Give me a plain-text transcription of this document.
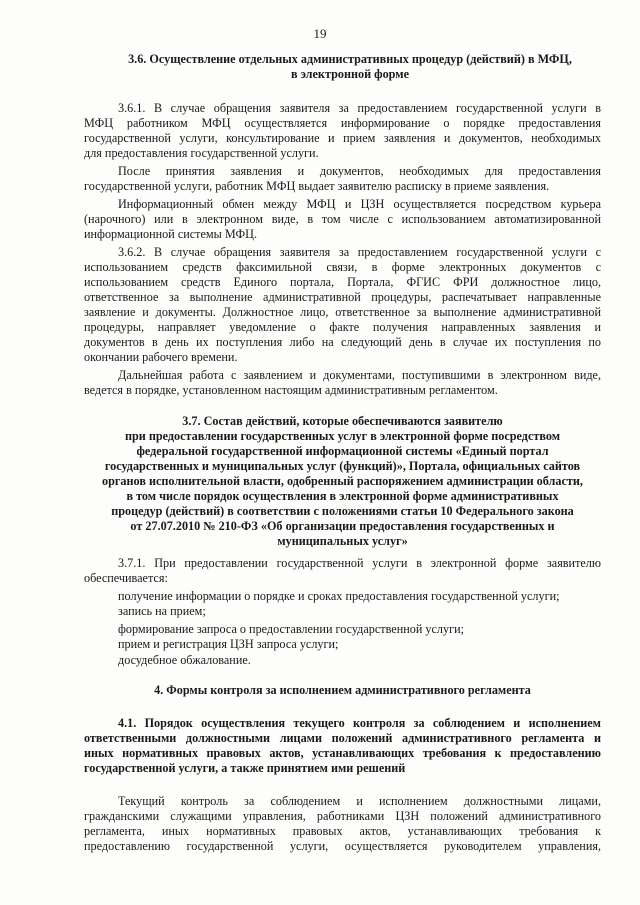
19
3.6. Осуществление отдельных административных процедур (действий) в МФЦ,
в электронной форме
3.6.1. В случае обращения заявителя за предоставлением государственной услуги в
МФЦ работником МФЦ осуществляется информирование о порядке предоставления
государственной услуги, консультирование и прием заявления и документов, необходимых
для предоставления государственной услуги.
После принятия заявления и документов, необходимых для предоставления
государственной услуги, работник МФЦ выдает заявителю расписку в приеме заявления.
Информационный обмен между МФЦ и ЦЗН осуществляется посредством курьера
(нарочного) или в электронном виде, в том числе с использованием автоматизированной
информационной системы МФЦ.
3.6.2. В случае обращения заявителя за предоставлением государственной услуги с
использованием средств факсимильной связи, в форме электронных документов с
использованием средств Единого портала, Портала, ФГИС ФРИ должностное лицо,
ответственное за выполнение административной процедуры, распечатывает направленные
заявление и документы. Должностное лицо, ответственное за выполнение административной
процедуры, направляет уведомление о факте получения направленных заявления и
документов в день их поступления либо на следующий день в случае их поступления по
окончании рабочего времени.
Дальнейшая работа с заявлением и документами, поступившими в электронном виде,
ведется в порядке, установленном настоящим административным регламентом.
3.7. Состав действий, которые обеспечиваются заявителю
при предоставлении государственных услуг в электронной форме посредством
федеральной государственной информационной системы «Единый портал
государственных и муниципальных услуг (функций)», Портала, официальных сайтов
органов исполнительной власти, одобренный распоряжением администрации области,
в том числе порядок осуществления в электронной форме административных
процедур (действий) в соответствии с положениями статьи 10 Федерального закона
от 27.07.2010 № 210-ФЗ «Об организации предоставления государственных и
муниципальных услуг»
3.7.1. При предоставлении государственной услуги в электронной форме заявителю
обеспечивается:
получение информации о порядке и сроках предоставления государственной услуги;
запись на прием;
формирование запроса о предоставлении государственной услуги;
прием и регистрация ЦЗН запроса услуги;
досудебное обжалование.
4. Формы контроля за исполнением административного регламента
4.1. Порядок осуществления текущего контроля за соблюдением и исполнением
ответственными должностными лицами положений административного регламента и
иных нормативных правовых актов, устанавливающих требования к предоставлению
государственной услуги, а также принятием ими решений
Текущий контроль за соблюдением и исполнением должностными лицами,
гражданскими служащими управления, работниками ЦЗН положений административного
регламента, иных нормативных правовых актов, устанавливающих требования к
предоставлению государственной услуги, осуществляется руководителем управления,
